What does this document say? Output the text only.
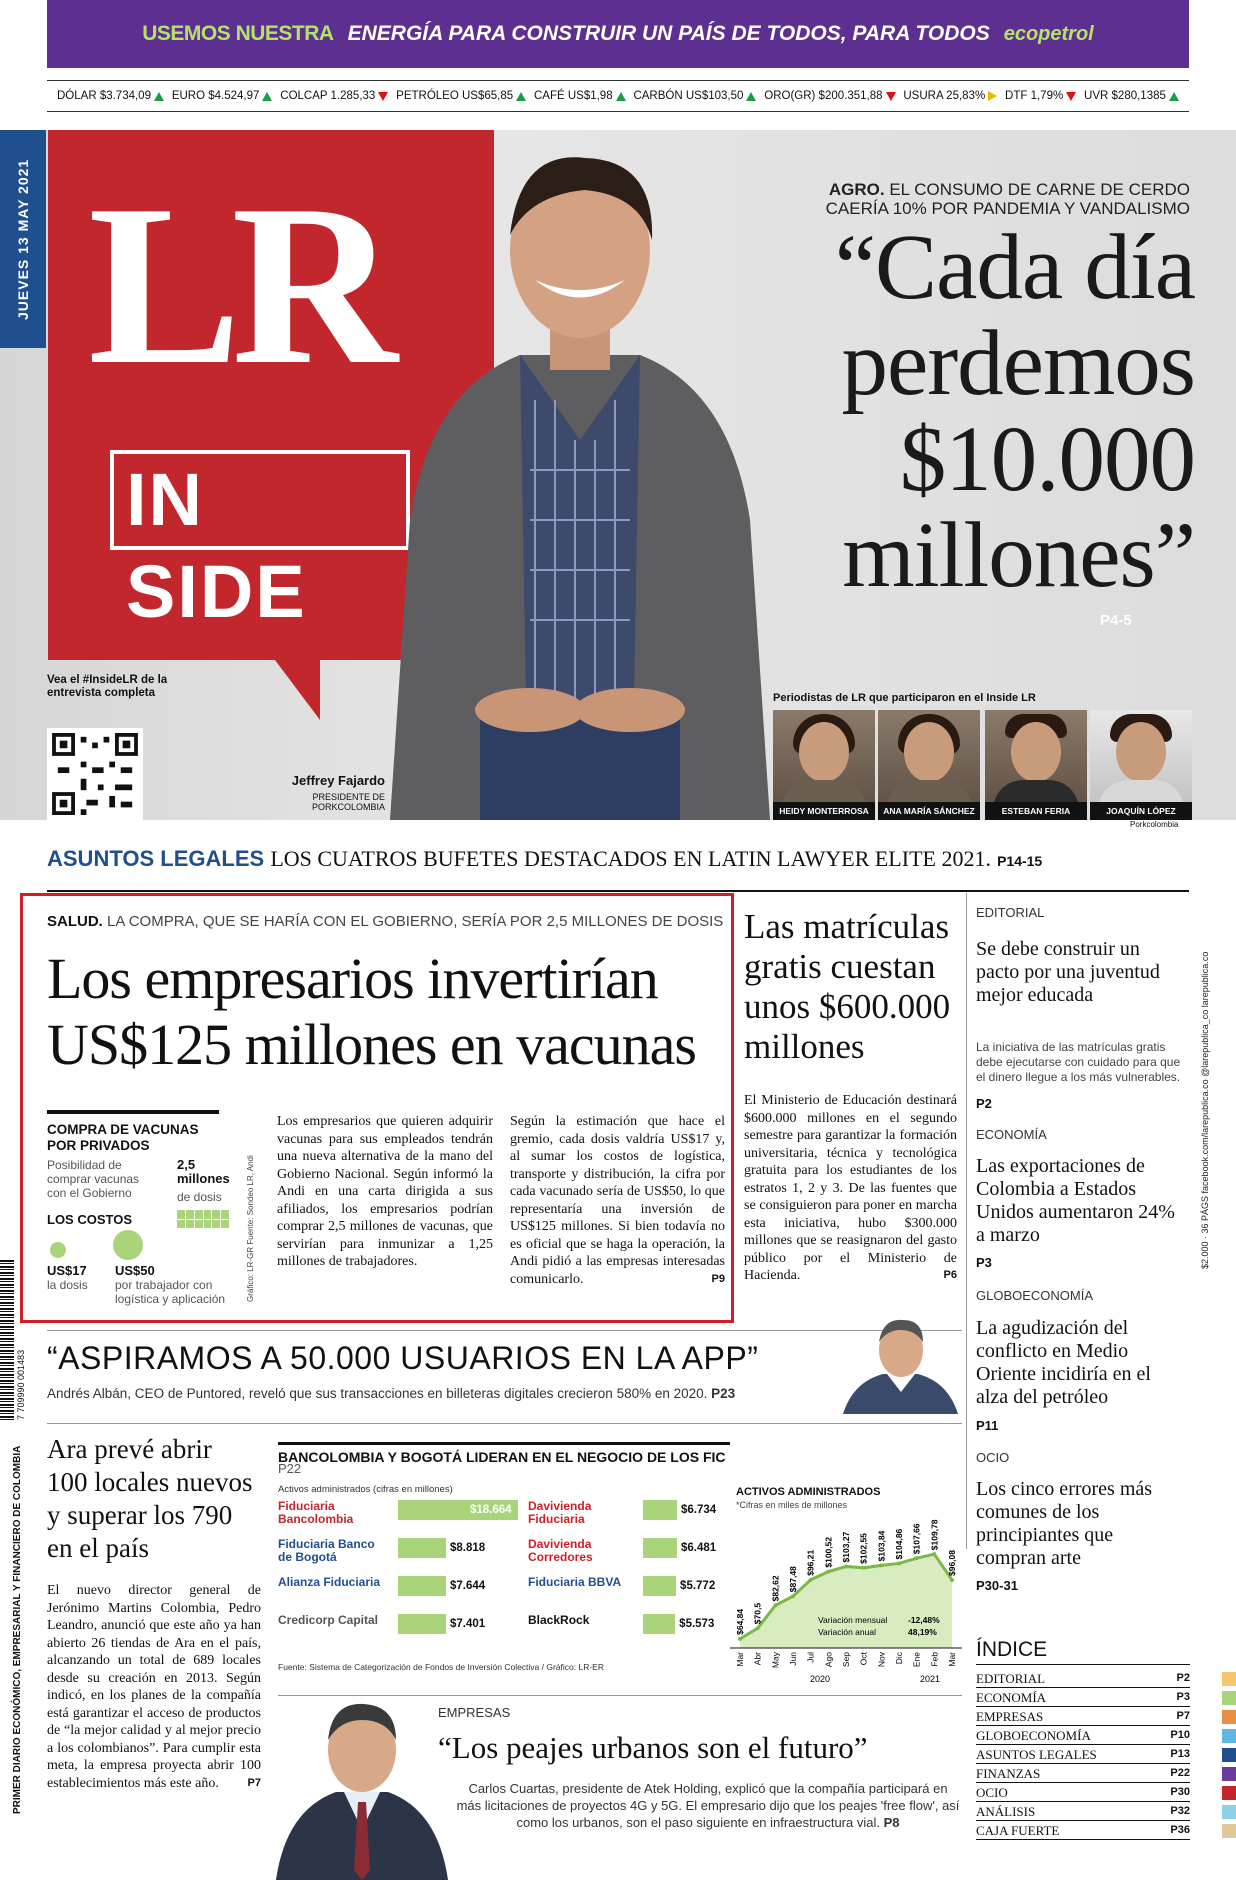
USEMOS NUESTRA ENERGÍA PARA CONSTRUIR UN PAÍS DE TODOS, PARA TODOS ecopetrol
DÓLAR $3.734,09 EURO $4.524,97 COLCAP 1.285,33 PETRÓLEO US$65,85 CAFÉ US$1,98 CARBÓN US$103,50 ORO(GR) $200.351,88 USURA 25,83% DTF 1,79% UVR $280,1385
LR
IN SIDE
JUEVES 13 MAY 2021	AGRO. EL CONSUMO DE CARNE DE CERDO CAERÍA 10% POR PANDEMIA Y VANDALISMO
“Cada día perdemos $10.000 millones”
P4-5
Vea el #InsideLR de la entrevista completa
Jeffrey Fajardo
PRESIDENTE DE PORKCOLOMBIA
Periodistas de LR que participaron en el Inside LR
HEIDY MONTERROSA	ANA MARÍA SÁNCHEZ	ESTEBAN FERIA	JOAQUÍN LÓPEZ
Porkcolombia
ASUNTOS LEGALES LOS CUATROS BUFETES DESTACADOS EN LATIN LAWYER ELITE 2021. P14-15
SALUD. LA COMPRA, QUE SE HARÍA CON EL GOBIERNO, SERÍA POR 2,5 MILLONES DE DOSIS
Los empresarios invertirían US$125 millones en vacunas
COMPRA DE VACUNAS POR PRIVADOS
Posibilidad de comprar vacunas con el Gobierno
2,5 millones
de dosis
LOS COSTOS
US$17
la dosis
US$50
por trabajador con logística y aplicación	Gráfico: LR-GR Fuente: Sondeo LR, Andi
Los empresarios que quieren adquirir vacunas para sus empleados tendrán una nueva alternativa de la mano del Gobierno Nacional. Según informó la Andi en una carta dirigida a sus afiliados, los empresarios podrían comprar 2,5 millones de vacunas, que servirían para inmunizar a 1,25 millones de trabajadores.
Según la estimación que hace el gremio, cada dosis valdría US$17 y, al sumar los costos de logística, transporte y distribución, la cifra por cada vacunado sería de US$50, lo que representaría una inversión de US$125 millones. Si bien todavía no es oficial que se haga la operación, la Andi pidió a las empresas interesadas comunicarlo.	P9
Las matrículas gratis cuestan unos $600.000 millones
El Ministerio de Educación destinará $600.000 millones en el segundo semestre para garantizar la formación universitaria, técnica y tecnológica gratuita para los estudiantes de los estratos 1, 2 y 3. De las fuentes que se consiguieron para poner en marcha esta iniciativa, hubo $300.000 millones que se reasignaron del gasto público por el Ministerio de Hacienda.	P6
EDITORIAL
Se debe construir un pacto por una juventud mejor educada
La iniciativa de las matrículas gratis debe ejecutarse con cuidado para que el dinero llegue a los más vulnerables.
P2
ECONOMÍA
Las exportaciones de Colombia a Estados Unidos aumentaron 24% a marzo
P3
GLOBOECONOMÍA
La agudización del conflicto en Medio Oriente incidiría en el alza del petróleo
P11
OCIO
Los cinco errores más comunes de los principiantes que compran arte
P30-31
$2.000 · 36 PÁGS facebook.com/larepublica.co @larepublica_co larepublica.co
“ASPIRAMOS A 50.000 USUARIOS EN LA APP”
Andrés Albán, CEO de Puntored, reveló que sus transacciones en billeteras digitales crecieron 580% en 2020. P23
Ara prevé abrir 100 locales nuevos y superar los 790 en el país
El nuevo director general de Jerónimo Martins Colombia, Pedro Leandro, anunció que este año ya han abierto 26 tiendas de Ara en el país, alcanzando un total de 689 locales desde su creación en 2013. Según indicó, en los planes de la compañía está garantizar el acceso de productos de “la mejor calidad y al mejor precio a los colombianos”. Para cumplir esta meta, la empresa proyecta abrir 100 establecimientos más este año.	P7
7 709990 001483
PRIMER DIARIO ECONÓMICO, EMPRESARIAL Y FINANCIERO DE COLOMBIA	BANCOLOMBIA Y BOGOTÁ LIDERAN EN EL NEGOCIO DE LOS FIC
P22
Activos administrados (cifras en millones)
Fiduciaria Bancolombia
$18.664
Fiduciaria Banco de Bogotá
$8.818
Alianza Fiduciaria	$7.644
Credicorp Capital	$7.401
Davivienda Fiduciaria
$6.734
Davivienda Corredores
$6.481
Fiduciaria BBVA	$5.772
BlackRock	$5.573
Fuente: Sistema de Categorización de Fondos de Inversión Colectiva / Gráfico: LR-ER
ACTIVOS ADMINISTRADOS
*Cifras en miles de millones
$64,84
Mar
$70,5
Abr
$82,62
May
$87,48
Jun
$96,21
Jul
$100,52
Ago
$103,27
Sep
$102,55
Oct
$103,84
Nov
$104,86
Dic
$107,66
Ene
$109,78
Feb
$96,08
Mar
2020	2021
Variación mensual -12,48%
Variación anual	48,19%
EMPRESAS
“Los peajes urbanos son el futuro”
Carlos Cuartas, presidente de Atek Holding, explicó que la compañía participará en más licitaciones de proyectos 4G y 5G. El empresario dijo que los peajes 'free flow', así como los urbanos, son el paso siguiente en infraestructura vial. P8
ÍNDICE
EDITORIAL	P2
ECONOMÍA	P3
EMPRESAS	P7
GLOBOECONOMÍA	P10
ASUNTOS LEGALES	P13
FINANZAS	P22
OCIO	P30
ANÁLISIS	P32
CAJA FUERTE	P36
